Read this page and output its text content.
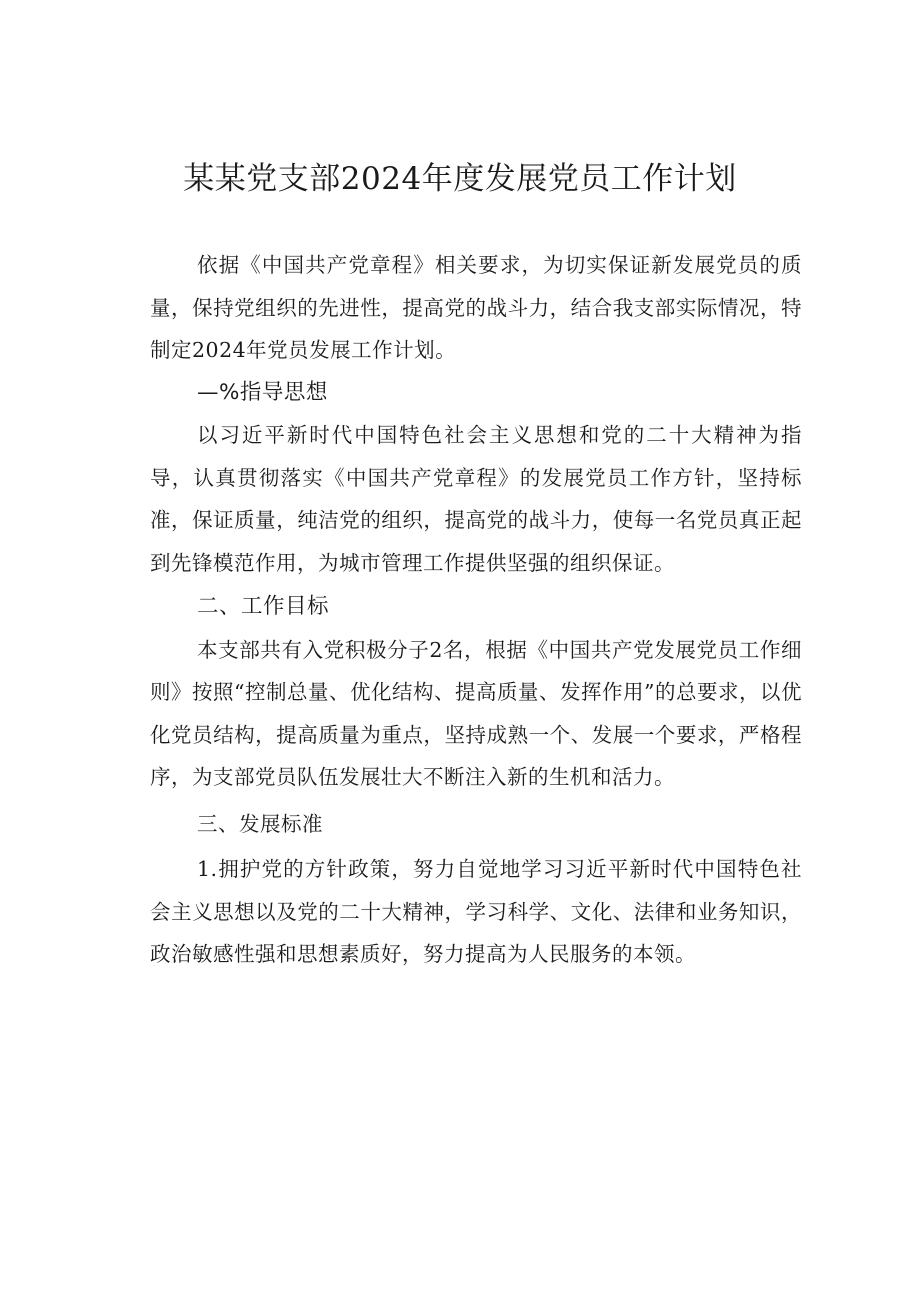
某某党支部2024年度发展党员工作计划

依据《中国共产党章程》相关要求，为切实保证新发展党员的质量，保持党组织的先进性，提高党的战斗力，结合我支部实际情况，特制定2024年党员发展工作计划。

—%指导思想

以习近平新时代中国特色社会主义思想和党的二十大精神为指导，认真贯彻落实《中国共产党章程》的发展党员工作方针，坚持标准，保证质量，纯洁党的组织，提高党的战斗力，使每一名党员真正起到先锋模范作用，为城市管理工作提供坚强的组织保证。

二、工作目标

本支部共有入党积极分子2名，根据《中国共产党发展党员工作细则》按照“控制总量、优化结构、提高质量、发挥作用”的总要求，以优化党员结构，提高质量为重点，坚持成熟一个、发展一个要求，严格程序，为支部党员队伍发展壮大不断注入新的生机和活力。

三、发展标准

1.拥护党的方针政策，努力自觉地学习习近平新时代中国特色社会主义思想以及党的二十大精神，学习科学、文化、法律和业务知识，政治敏感性强和思想素质好，努力提高为人民服务的本领。
